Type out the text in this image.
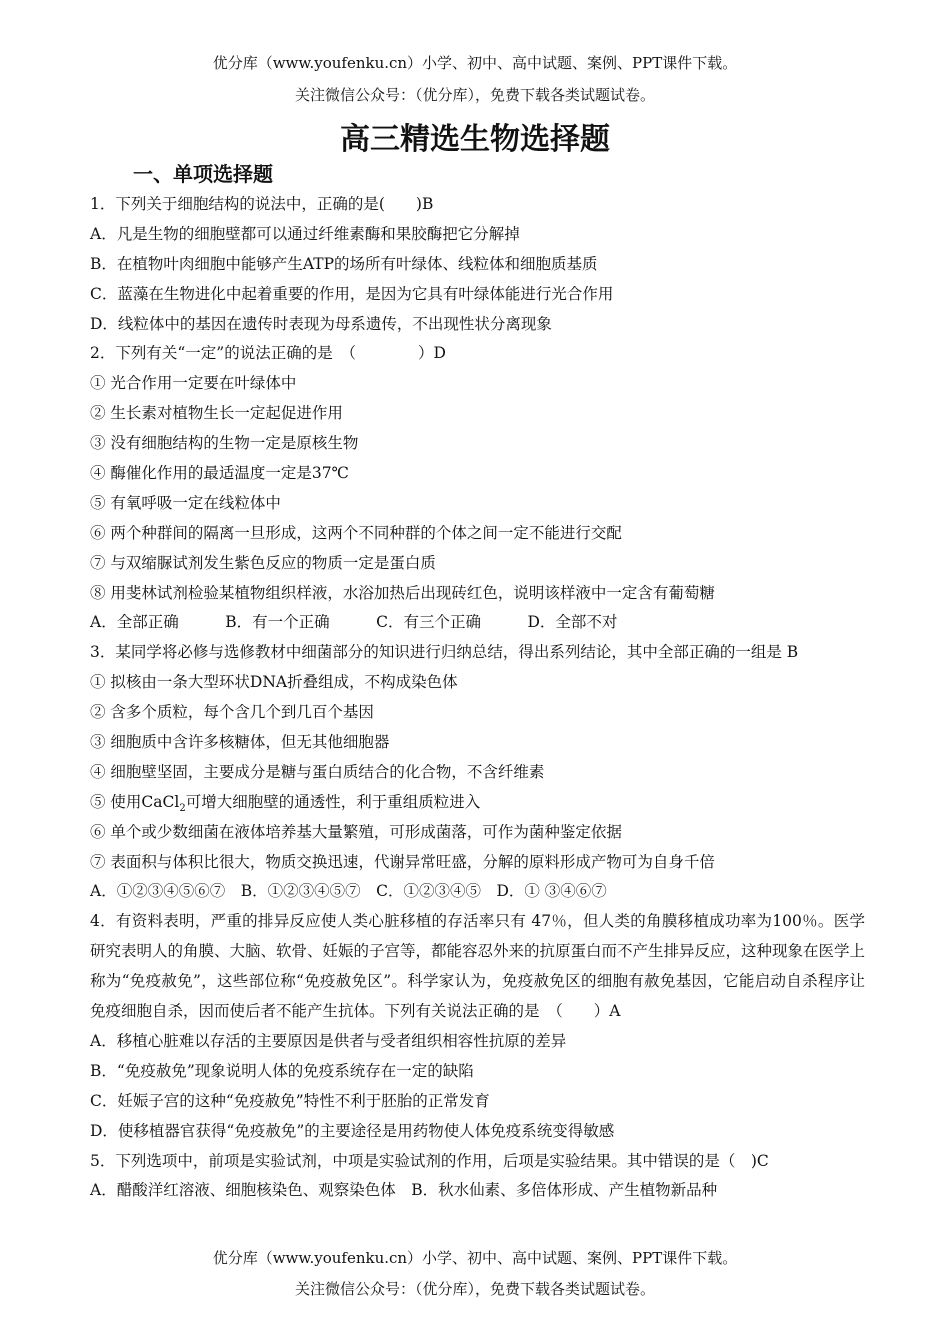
优分库（www.youfenku.cn）小学、初中、高中试题、案例、PPT课件下载。
关注微信公众号：（优分库），免费下载各类试题试卷。
高三精选生物选择题
一、单项选择题
1．下列关于细胞结构的说法中，正确的是(　　)B
A．凡是生物的细胞壁都可以通过纤维素酶和果胶酶把它分解掉
B．在植物叶肉细胞中能够产生ATP的场所有叶绿体、线粒体和细胞质基质
C．蓝藻在生物进化中起着重要的作用，是因为它具有叶绿体能进行光合作用
D．线粒体中的基因在遗传时表现为母系遗传，不出现性状分离现象
2．下列有关“一定”的说法正确的是　（　　　　）D
① 光合作用一定要在叶绿体中
② 生长素对植物生长一定起促进作用
③ 没有细胞结构的生物一定是原核生物
④ 酶催化作用的最适温度一定是37℃
⑤ 有氧呼吸一定在线粒体中
⑥ 两个种群间的隔离一旦形成，这两个不同种群的个体之间一定不能进行交配
⑦ 与双缩脲试剂发生紫色反应的物质一定是蛋白质
⑧ 用斐林试剂检验某植物组织样液，水浴加热后出现砖红色，说明该样液中一定含有葡萄糖
A．全部正确　　　B．有一个正确　　　C．有三个正确　　　D．全部不对
3．某同学将必修与选修教材中细菌部分的知识进行归纳总结，得出系列结论，其中全部正确的一组是 B
① 拟核由一条大型环状DNA折叠组成，不构成染色体
② 含多个质粒，每个含几个到几百个基因
③ 细胞质中含许多核糖体，但无其他细胞器
④ 细胞壁坚固，主要成分是糖与蛋白质结合的化合物，不含纤维素
⑤ 使用CaCl$_2$可增大细胞壁的通透性，利于重组质粒进入
⑥ 单个或少数细菌在液体培养基大量繁殖，可形成菌落，可作为菌种鉴定依据
⑦ 表面积与体积比很大，物质交换迅速，代谢异常旺盛，分解的原料形成产物可为自身千倍
A．①②③④⑤⑥⑦　B．①②③④⑤⑦　C．①②③④⑤　D．① ③④⑥⑦
4．有资料表明，严重的排异反应使人类心脏移植的存活率只有 47％，但人类的角膜移植成功率为100％。医学研究表明人的角膜、大脑、软骨、妊娠的子宫等，都能容忍外来的抗原蛋白而不产生排异反应，这种现象在医学上称为“免疫赦免”，这些部位称“免疫赦免区”。科学家认为，免疫赦免区的细胞有赦免基因，它能启动自杀程序让免疫细胞自杀，因而使后者不能产生抗体。下列有关说法正确的是　（　　）A
A．移植心脏难以存活的主要原因是供者与受者组织相容性抗原的差异
B．“免疫赦免”现象说明人体的免疫系统存在一定的缺陷
C．妊娠子宫的这种“免疫赦免”特性不利于胚胎的正常发育
D．使移植器官获得“免疫赦免”的主要途径是用药物使人体免疫系统变得敏感
5．下列选项中，前项是实验试剂，中项是实验试剂的作用，后项是实验结果。其中错误的是（　)C
A．醋酸洋红溶液、细胞核染色、观察染色体　B．秋水仙素、多倍体形成、产生植物新品种
优分库（www.youfenku.cn）小学、初中、高中试题、案例、PPT课件下载。
关注微信公众号：（优分库），免费下载各类试题试卷。
